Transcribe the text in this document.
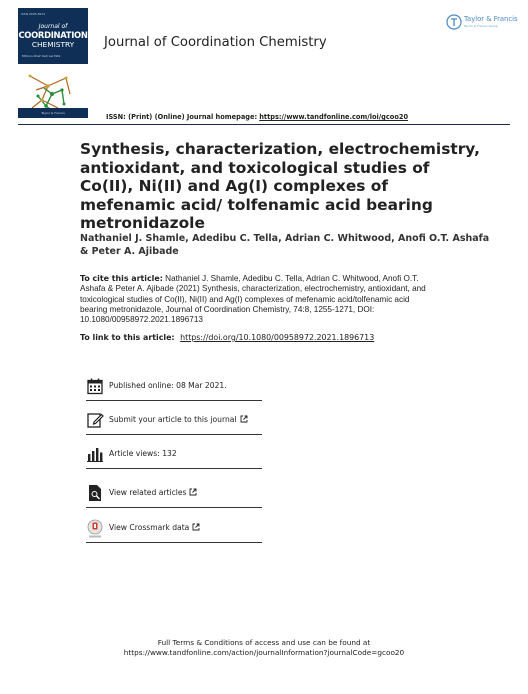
ISSN 0095-8972
Journal of
COORDINATION
CHEMISTRY
Editor-in-Chief: Rudi van Eldik
Taylor & Francis
Journal of Coordination Chemistry
Taylor & Francis
Taylor & Francis Group
ISSN: (Print) (Online) Journal homepage: https://www.tandfonline.com/loi/gcoo20
Synthesis, characterization, electrochemistry, antioxidant, and toxicological studies of Co(II), Ni(II) and Ag(I) complexes of mefenamic acid/ tolfenamic acid bearing metronidazole
Nathaniel J. Shamle, Adedibu C. Tella, Adrian C. Whitwood, Anofi O.T. Ashafa & Peter A. Ajibade
To cite this article: Nathaniel J. Shamle, Adedibu C. Tella, Adrian C. Whitwood, Anofi O.T. Ashafa & Peter A. Ajibade (2021) Synthesis, characterization, electrochemistry, antioxidant, and toxicological studies of Co(II), Ni(II) and Ag(I) complexes of mefenamic acid/tolfenamic acid bearing metronidazole, Journal of Coordination Chemistry, 74:8, 1255-1271, DOI: 10.1080/00958972.2021.1896713
To link to this article: https://doi.org/10.1080/00958972.2021.1896713
Published online: 08 Mar 2021.
Submit your article to this journal
Article views: 132
View related articles
View Crossmark data
Full Terms & Conditions of access and use can be found at
https://www.tandfonline.com/action/journalInformation?journalCode=gcoo20
